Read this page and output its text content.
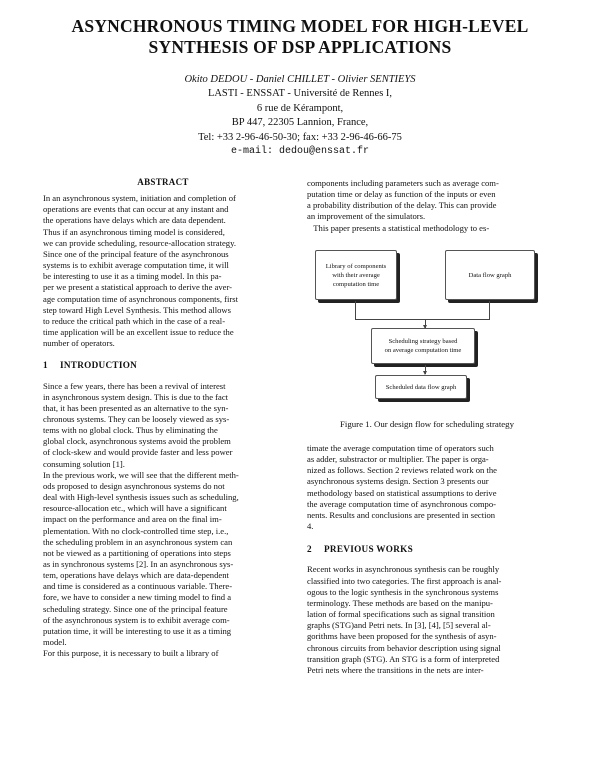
ASYNCHRONOUS TIMING MODEL FOR HIGH-LEVEL
SYNTHESIS OF DSP APPLICATIONS
Okito DEDOU - Daniel CHILLET - Olivier SENTIEYS
LASTI - ENSSAT - Université de Rennes I,
6 rue de Kérampont,
BP 447, 22305 Lannion, France,
Tel: +33 2-96-46-50-30; fax: +33 2-96-46-66-75
e-mail: dedou@enssat.fr
ABSTRACT
In an asynchronous system, initiation and completion of
operations are events that can occur at any instant and
the operations have delays which are data dependent.
Thus if an asynchronous timing model is considered,
we can provide scheduling, resource-allocation strategy.
Since one of the principal feature of the asynchronous
systems is to exhibit average computation time, it will
be interesting to use it as a timing model. In this pa-
per we present a statistical approach to derive the aver-
age computation time of asynchronous components, first
step toward High Level Synthesis. This method allows
to reduce the critical path which in the case of a real-
time application will be an excellent issue to reduce the
number of operators.
1 INTRODUCTION
Since a few years, there has been a revival of interest
in asynchronous system design. This is due to the fact
that, it has been presented as an alternative to the syn-
chronous systems. They can be loosely viewed as sys-
tems with no global clock. Thus by eliminating the
global clock, asynchronous systems avoid the problem
of clock-skew and would provide faster and less power
consuming solution [1].
In the previous work, we will see that the different meth-
ods proposed to design asynchronous systems do not
deal with High-level synthesis issues such as scheduling,
resource-allocation etc., which will have a significant
impact on the performance and area on the final im-
plementation. With no clock-controlled time step, i.e.,
the scheduling problem in an asynchronous system can
not be viewed as a partitioning of operations into steps
as in synchronous systems [2]. In an asynchronous sys-
tem, operations have delays which are data-dependent
and time is considered as a continuous variable. There-
fore, we have to consider a new timing model to find a
scheduling strategy. Since one of the principal feature
of the asynchronous system is to exhibit average com-
putation time, it will be interesting to use it as a timing
model.
For this purpose, it is necessary to built a library of
components including parameters such as average com-
putation time or delay as function of the inputs or even
a probability distribution of the delay. This can provide
an improvement of the simulators.
This paper presents a statistical methodology to es-
Library of components
with their average
computation time
Data flow graph
Scheduling strategy based
on average computation time
Scheduled data flow graph
Figure 1. Our design flow for scheduling strategy
timate the average computation time of operators such
as adder, substractor or multiplier. The paper is orga-
nized as follows. Section 2 reviews related work on the
asynchronous systems design. Section 3 presents our
methodology based on statistical assumptions to derive
the average computation time of asynchronous compo-
nents. Results and conclusions are presented in section
4.
2 PREVIOUS WORKS
Recent works in asynchronous synthesis can be roughly
classified into two categories. The first approach is anal-
ogous to the logic synthesis in the synchronous systems
terminology. These methods are based on the manipu-
lation of formal specifications such as signal transition
graphs (STG)and Petri nets. In [3], [4], [5] several al-
gorithms have been proposed for the synthesis of asyn-
chronous circuits from behavior description using signal
transition graph (STG). An STG is a form of interpreted
Petri nets where the transitions in the nets are inter-
